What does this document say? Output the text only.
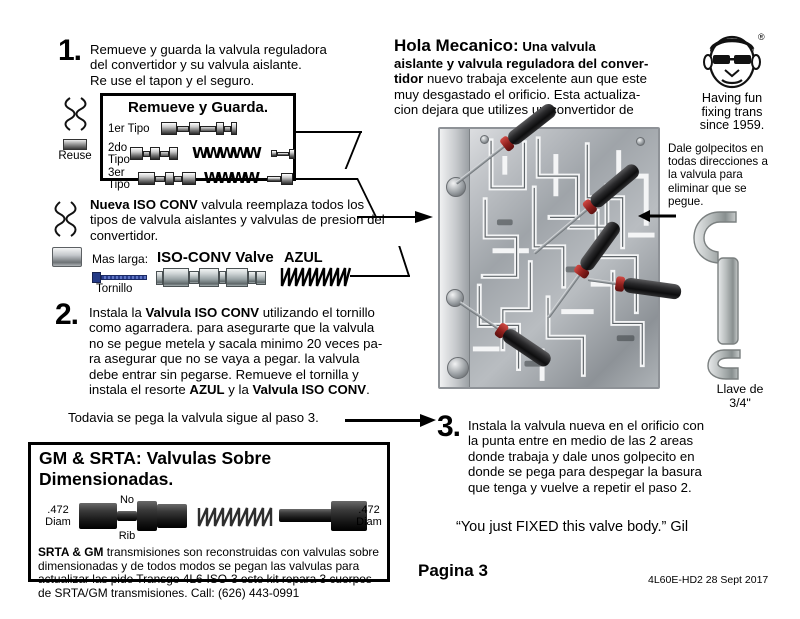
1. Remueve y guarda la valvula reguladora
del convertidor y su valvula aislante.
Re use el tapon y el seguro.
Reuse
Remueve y Guarda.
1er Tipo
2do Tipo	WWWWW
3er Tipo	WWWW
Nueva ISO CONV valvula reemplaza todos los
tipos de valvula aislantes y valvulas de presion del
convertidor.
Mas larga:
Tornillo
ISO-CONV Valve AZUL
2. Instala la Valvula ISO CONV utilizando el tornillo
como agarradera. para asegurarte que la valvula
no se pegue metela y sacala minimo 20 veces pa-
ra asegurar que no se vaya a pegar. la valvula
debe entrar sin pegarse. Remueve el tornilla y
instala el resorte AZUL y la Valvula ISO CONV.
Todavia se pega la valvula sigue al paso 3.	3. Instala la valvula nueva en el orificio con
la punta entre en medio de las 2 areas
donde trabaja y dale unos golpecito en
donde se pega para despegar la basura
que tenga y vuelve a repetir el paso 2.
Hola Mecanico: Una valvula
aislante y valvula reguladora del conver-
tidor nuevo trabaja excelente aun que este
muy desgastado el orificio. Esta actualiza-
cion dejara que utilizes un convertidor de
®
Having fun
fixing trans
since 1959.
Dale golpecitos en
todas direcciones a
la valvula para
eliminar que se
pegue.
Llave de
3/4"
GM & SRTA: Valvulas Sobre Dimensionadas.
.472
Diam
No
Rib
.472
Diam
SRTA & GM transmisiones son reconstruidas con valvulas sobre
dimensionadas y de todos modos se pegan las valvulas para
actualizar las pide Transgo 4L6-ISO-3 este kit repara 3 cuerpos
de SRTA/GM transmisiones. Call: (626) 443-0991
“You just FIXED this valve body.” Gil
Pagina 3	4L60E-HD2 28 Sept 2017
